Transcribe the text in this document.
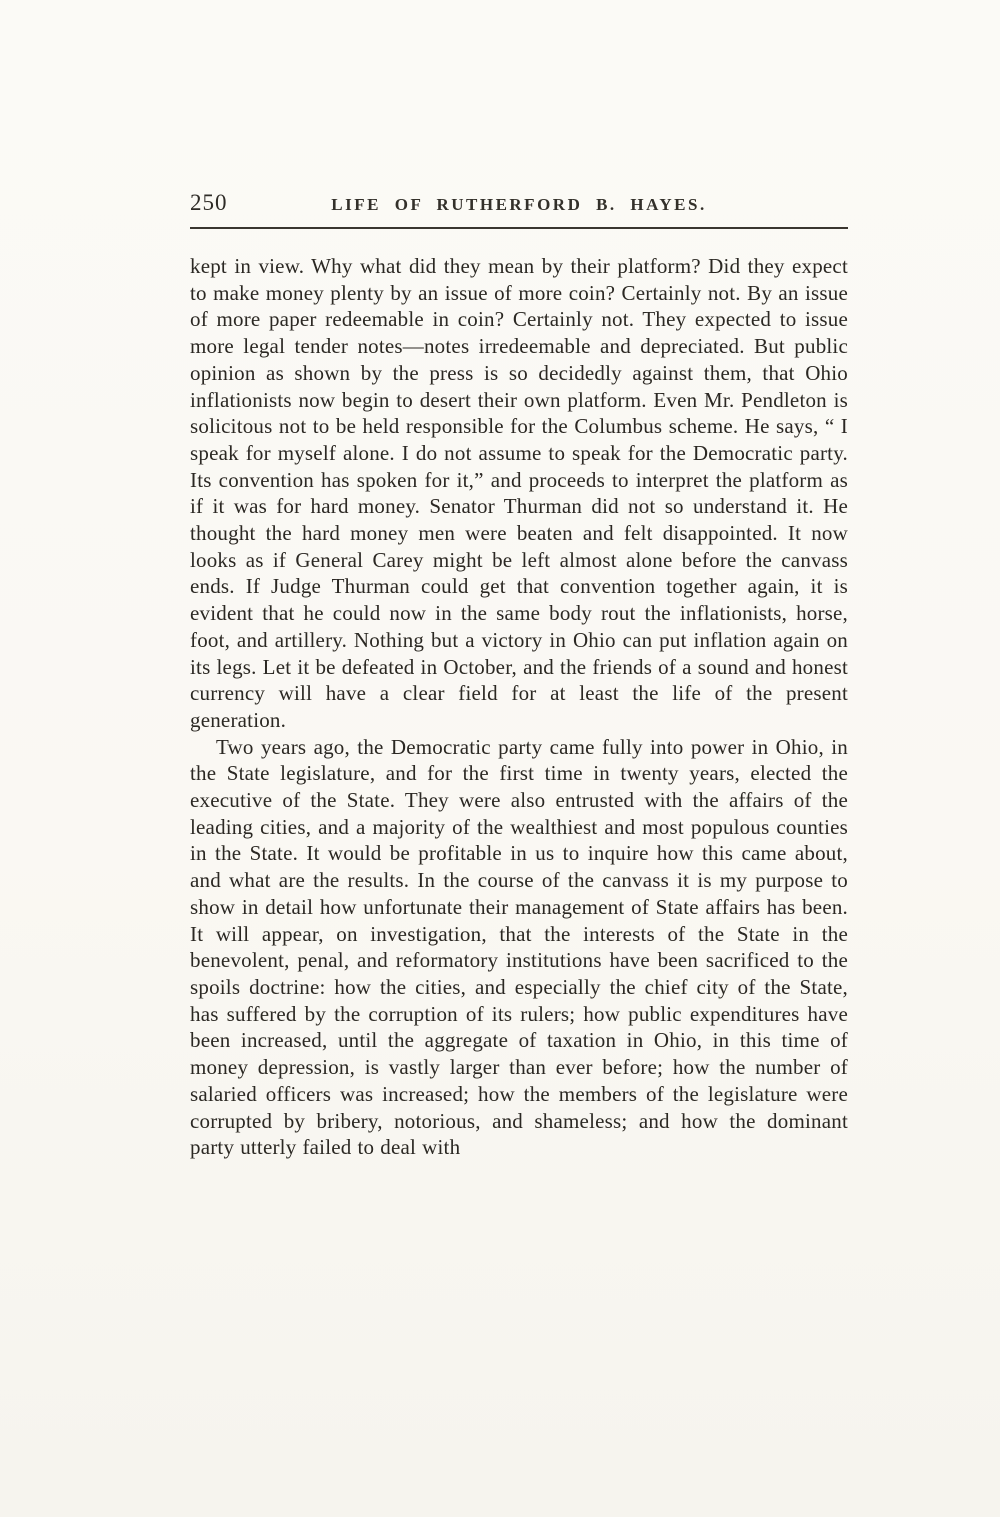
250	LIFE OF RUTHERFORD B. HAYES.

kept in view. Why what did they mean by their platform? Did they expect to make money plenty by an issue of more coin? Certainly not. By an issue of more paper redeemable in coin? Certainly not. They expected to issue more legal tender notes—notes irredeemable and depreciated. But public opinion as shown by the press is so decidedly against them, that Ohio inflationists now begin to desert their own platform. Even Mr. Pendleton is solicitous not to be held responsible for the Columbus scheme. He says, “ I speak for myself alone. I do not assume to speak for the Democratic party. Its convention has spoken for it,” and proceeds to interpret the platform as if it was for hard money. Senator Thurman did not so understand it. He thought the hard money men were beaten and felt disappointed. It now looks as if General Carey might be left almost alone before the canvass ends. If Judge Thurman could get that convention together again, it is evident that he could now in the same body rout the inflationists, horse, foot, and artillery. Nothing but a victory in Ohio can put inflation again on its legs. Let it be defeated in October, and the friends of a sound and honest currency will have a clear field for at least the life of the present generation.

Two years ago, the Democratic party came fully into power in Ohio, in the State legislature, and for the first time in twenty years, elected the executive of the State. They were also entrusted with the affairs of the leading cities, and a majority of the wealthiest and most populous counties in the State. It would be profitable in us to inquire how this came about, and what are the results. In the course of the canvass it is my purpose to show in detail how unfortunate their management of State affairs has been. It will appear, on investigation, that the interests of the State in the benevolent, penal, and reformatory institutions have been sacrificed to the spoils doctrine: how the cities, and especially the chief city of the State, has suffered by the corruption of its rulers; how public expenditures have been increased, until the aggregate of taxation in Ohio, in this time of money depression, is vastly larger than ever before; how the number of salaried officers was increased; how the members of the legislature were corrupted by bribery, notorious, and shameless; and how the dominant party utterly failed to deal with
